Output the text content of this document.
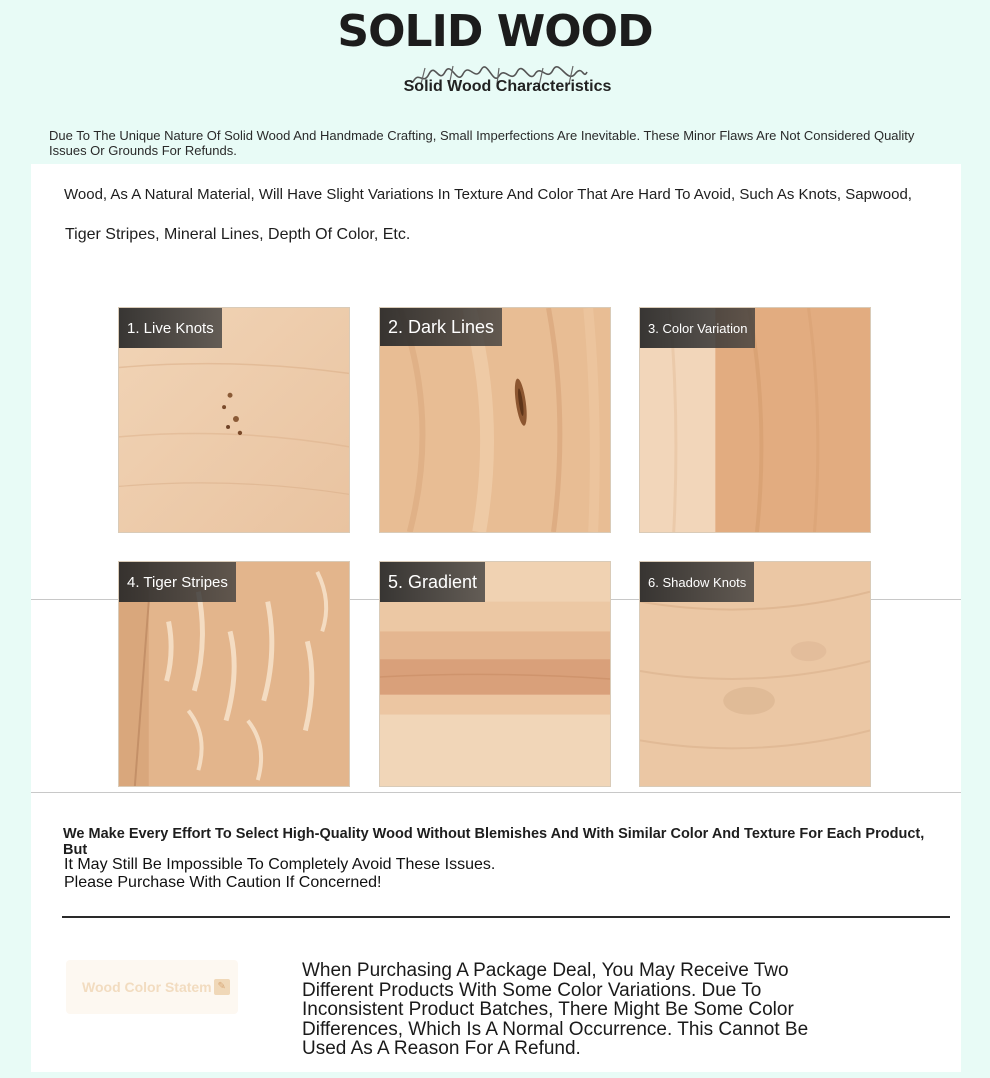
SOLID WOOD
Solid Wood Characteristics
Due To The Unique Nature Of Solid Wood And Handmade Crafting, Small Imperfections Are Inevitable. These Minor Flaws Are Not Considered Quality Issues Or Grounds For Refunds.
Wood, As A Natural Material, Will Have Slight Variations In Texture And Color That Are Hard To Avoid, Such As Knots, Sapwood,
Tiger Stripes, Mineral Lines, Depth Of Color, Etc.
1. Live Knots	2. Dark Lines	3. Color Variation
4. Tiger Stripes	5. Gradient	6. Shadow Knots
We Make Every Effort To Select High-Quality Wood Without Blemishes And With Similar Color And Texture For Each Product, But
It May Still Be Impossible To Completely Avoid These Issues.
Please Purchase With Caution If Concerned!
Wood Color Statem ✎
When Purchasing A Package Deal, You May Receive Two
Different Products With Some Color Variations. Due To
Inconsistent Product Batches, There Might Be Some Color
Differences, Which Is A Normal Occurrence. This Cannot Be
Used As A Reason For A Refund.
